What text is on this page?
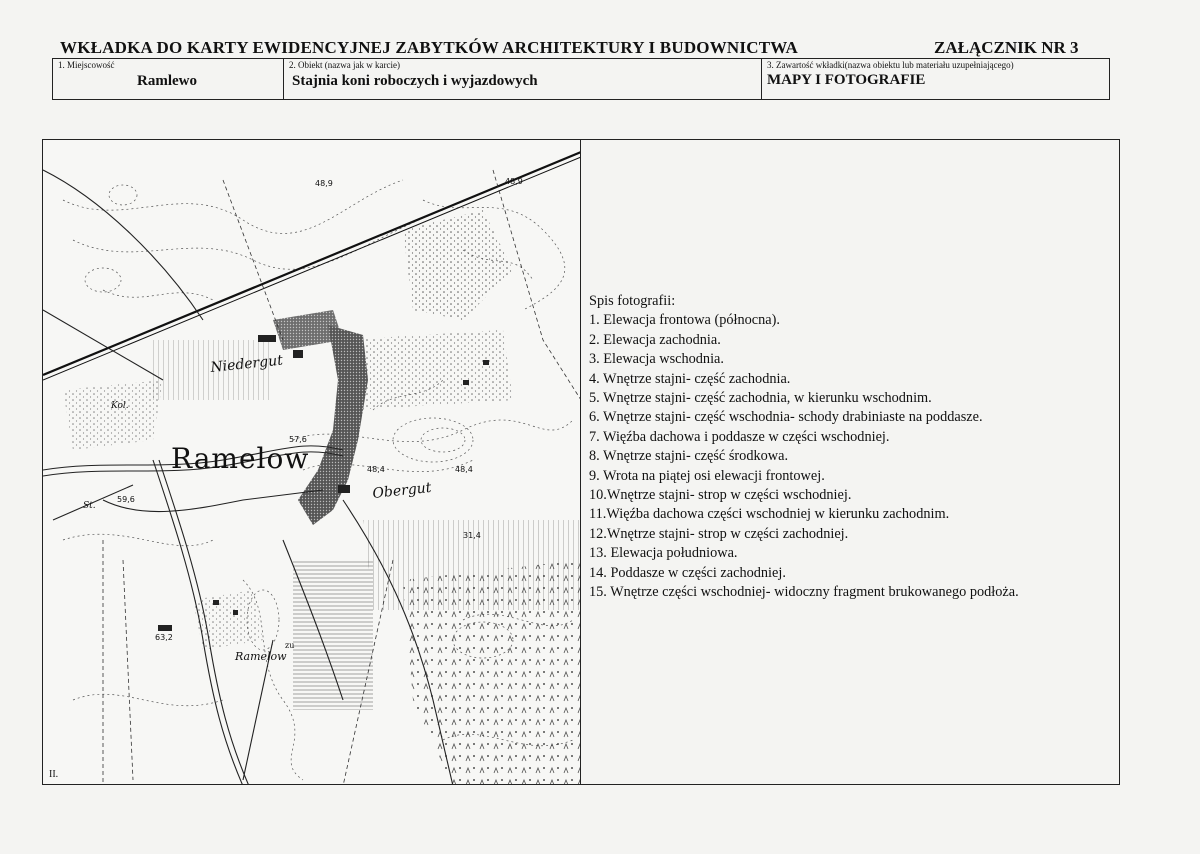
WKŁADKA DO KARTY EWIDENCYJNEJ ZABYTKÓW ARCHITEKTURY I BUDOWNICTWA	ZAŁĄCZNIK NR 3
1. Miejscowość
Ramlewo
2. Obiekt (nazwa jak w karcie)
Stajnia koni roboczych i wyjazdowych
3. Zawartość wkładki(nazwa obiektu lub materiału uzupełniającego)
MAPY I FOTOGRAFIE
Ramelow
Niedergut
Obergut
Ramelow
zu
St.
Kol.
48,9	48,9
57,6
48,4	48,4
59,6
63,2
31,4
II.
Spis fotografii:
1. Elewacja frontowa (północna).
2. Elewacja zachodnia.
3. Elewacja wschodnia.
4. Wnętrze stajni- część zachodnia.
5. Wnętrze stajni- część zachodnia, w kierunku wschodnim.
6. Wnętrze stajni- część wschodnia- schody drabiniaste na poddasze.
7. Więźba dachowa i poddasze w części wschodniej.
8. Wnętrze stajni- część środkowa.
9. Wrota na piątej osi elewacji frontowej.
10.Wnętrze stajni- strop w części wschodniej.
11.Więźba dachowa części wschodniej w kierunku zachodnim.
12.Wnętrze stajni- strop w części zachodniej.
13. Elewacja południowa.
14. Poddasze w części zachodniej.
15. Wnętrze części wschodniej- widoczny fragment brukowanego podłoża.
